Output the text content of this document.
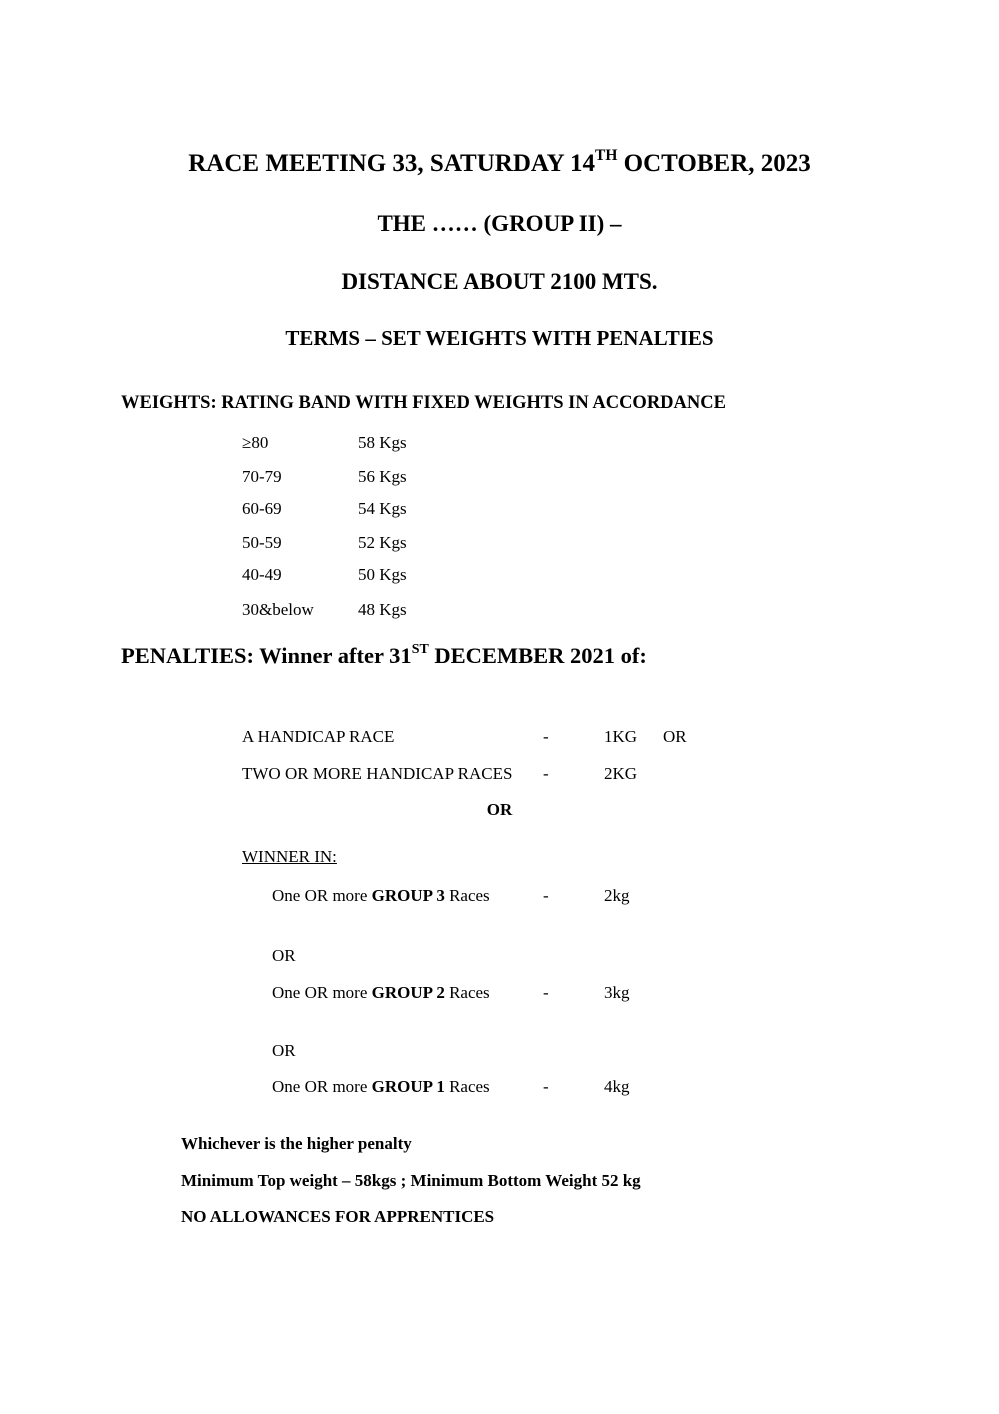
RACE MEETING 33, SATURDAY 14TH OCTOBER, 2023
THE …… (GROUP II) –
DISTANCE ABOUT 2100 MTS.
TERMS – SET WEIGHTS WITH PENALTIES
WEIGHTS: RATING BAND WITH FIXED WEIGHTS IN ACCORDANCE
≥80	58 Kgs
70-79	56 Kgs
60-69	54 Kgs
50-59	52 Kgs
40-49	50 Kgs
30&below	48 Kgs
PENALTIES: Winner after 31ST DECEMBER 2021 of:
A HANDICAP RACE	-	1KG OR
TWO OR MORE HANDICAP RACES -	2KG
OR
WINNER IN:
One OR more GROUP 3 Races	-	2kg
OR
One OR more GROUP 2 Races	-	3kg
OR
One OR more GROUP 1 Races	-	4kg
Whichever is the higher penalty
Minimum Top weight – 58kgs ; Minimum Bottom Weight 52 kg
NO ALLOWANCES FOR APPRENTICES
